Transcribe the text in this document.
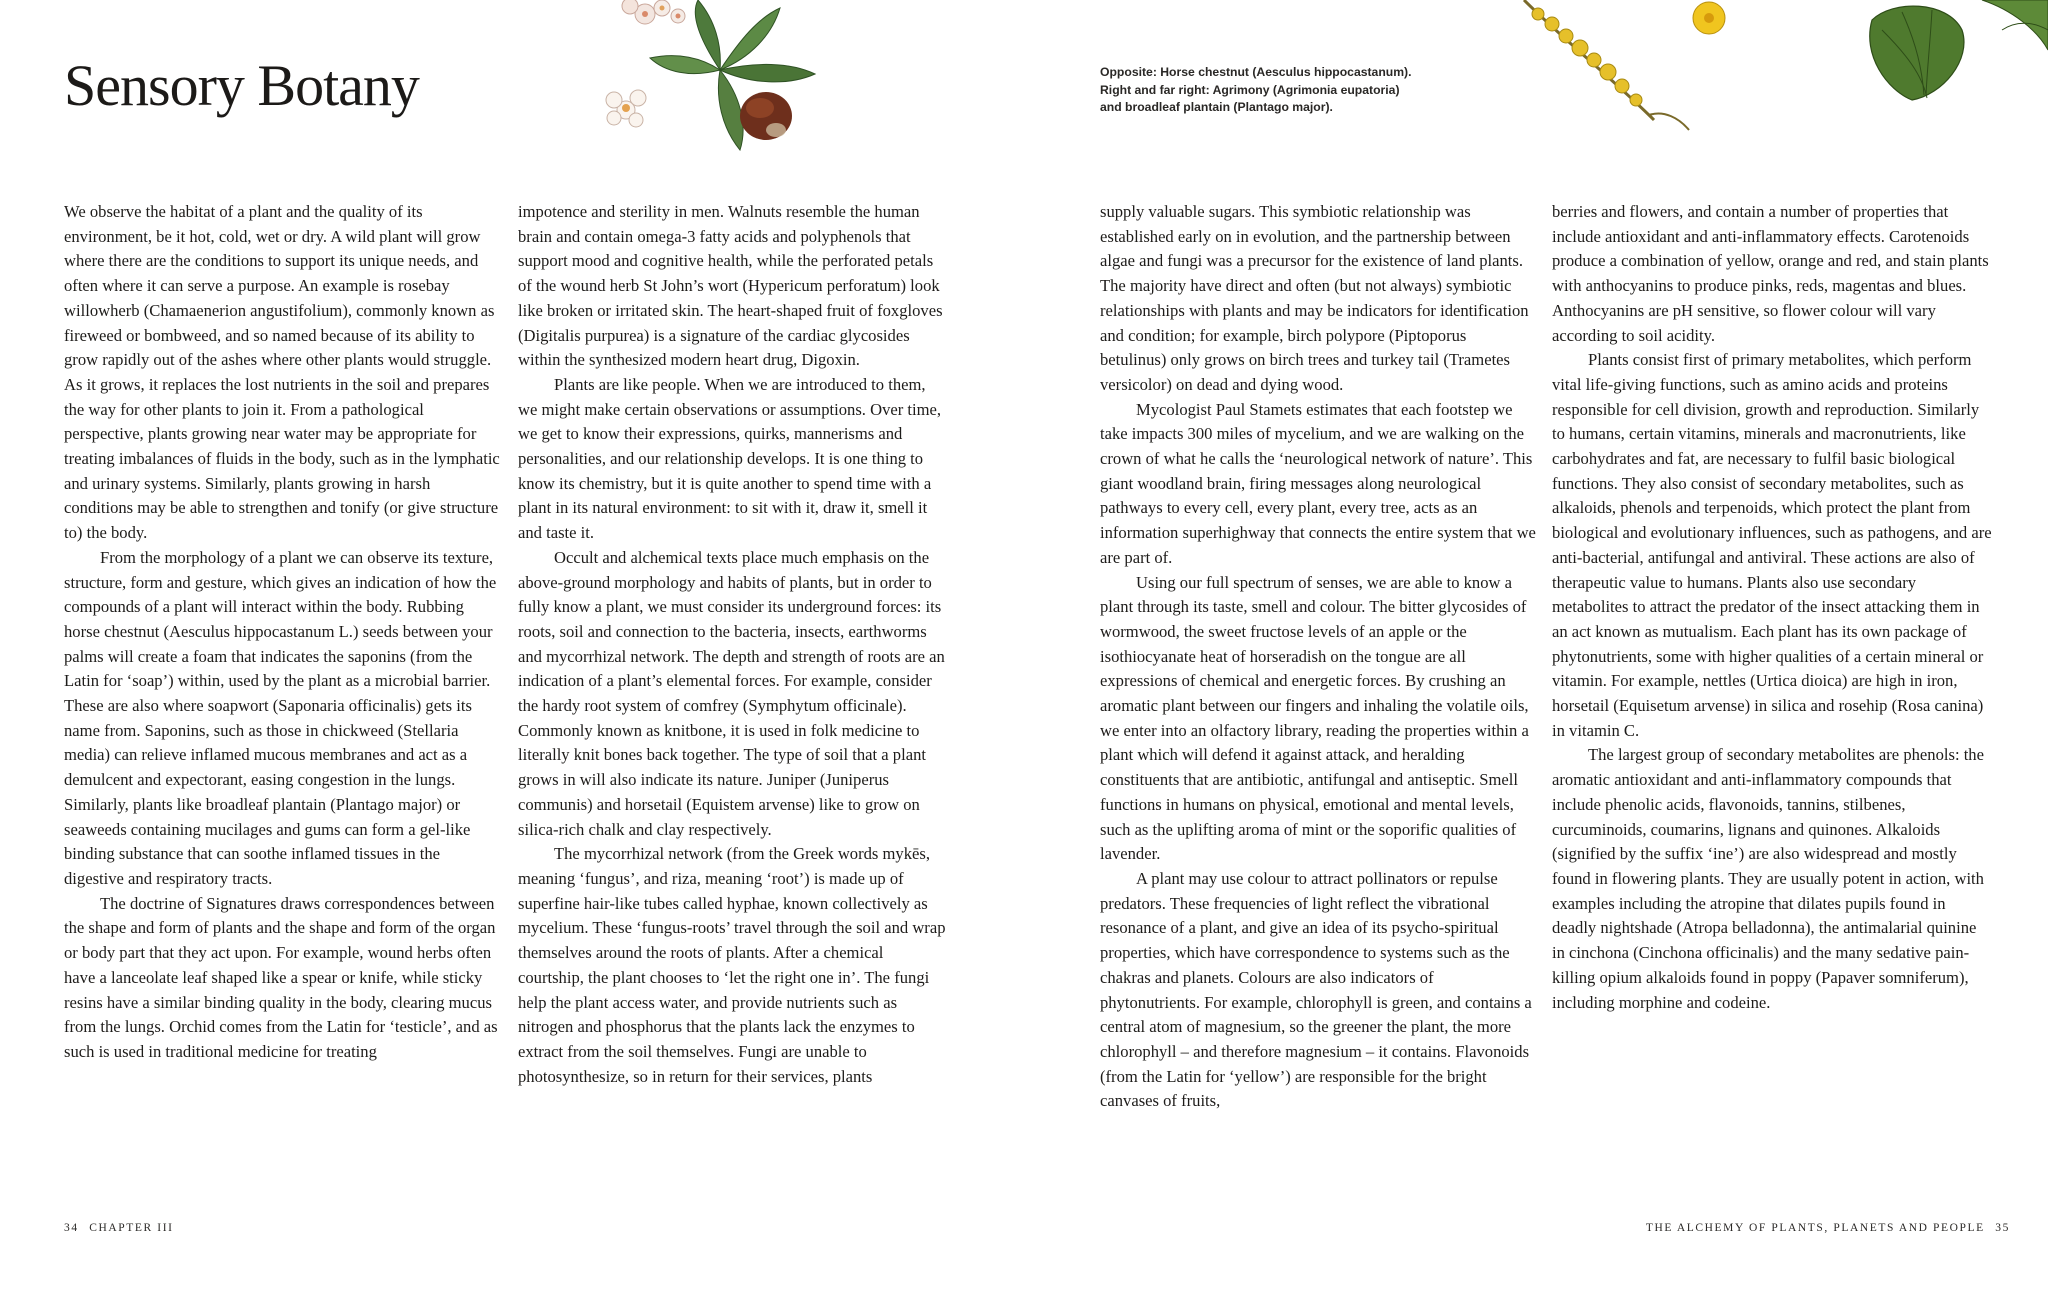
Sensory Botany

We observe the habitat of a plant and the quality of its environment, be it hot, cold, wet or dry. A wild plant will grow where there are the conditions to support its unique needs, and often where it can serve a purpose. An example is rosebay willowherb (Chamaenerion angustifolium), commonly known as fireweed or bombweed, and so named because of its ability to grow rapidly out of the ashes where other plants would struggle. As it grows, it replaces the lost nutrients in the soil and prepares the way for other plants to join it. From a pathological perspective, plants growing near water may be appropriate for treating imbalances of fluids in the body, such as in the lymphatic and urinary systems. Similarly, plants growing in harsh conditions may be able to strengthen and tonify (or give structure to) the body.

From the morphology of a plant we can observe its texture, structure, form and gesture, which gives an indication of how the compounds of a plant will interact within the body. Rubbing horse chestnut (Aesculus hippocastanum L.) seeds between your palms will create a foam that indicates the saponins (from the Latin for ‘soap’) within, used by the plant as a microbial barrier. These are also where soapwort (Saponaria officinalis) gets its name from. Saponins, such as those in chickweed (Stellaria media) can relieve inflamed mucous membranes and act as a demulcent and expectorant, easing congestion in the lungs. Similarly, plants like broadleaf plantain (Plantago major) or seaweeds containing mucilages and gums can form a gel-like binding substance that can soothe inflamed tissues in the digestive and respiratory tracts.

The doctrine of Signatures draws correspondences between the shape and form of plants and the shape and form of the organ or body part that they act upon. For example, wound herbs often have a lanceolate leaf shaped like a spear or knife, while sticky resins have a similar binding quality in the body, clearing mucus from the lungs. Orchid comes from the Latin for ‘testicle’, and as such is used in traditional medicine for treating

impotence and sterility in men. Walnuts resemble the human brain and contain omega-3 fatty acids and polyphenols that support mood and cognitive health, while the perforated petals of the wound herb St John’s wort (Hypericum perforatum) look like broken or irritated skin. The heart-shaped fruit of foxgloves (Digitalis purpurea) is a signature of the cardiac glycosides within the synthesized modern heart drug, Digoxin.

Plants are like people. When we are introduced to them, we might make certain observations or assumptions. Over time, we get to know their expressions, quirks, mannerisms and personalities, and our relationship develops. It is one thing to know its chemistry, but it is quite another to spend time with a plant in its natural environment: to sit with it, draw it, smell it and taste it.

Occult and alchemical texts place much emphasis on the above-ground morphology and habits of plants, but in order to fully know a plant, we must consider its underground forces: its roots, soil and connection to the bacteria, insects, earthworms and mycorrhizal network. The depth and strength of roots are an indication of a plant’s elemental forces. For example, consider the hardy root system of comfrey (Symphytum officinale). Commonly known as knitbone, it is used in folk medicine to literally knit bones back together. The type of soil that a plant grows in will also indicate its nature. Juniper (Juniperus communis) and horsetail (Equistem arvense) like to grow on silica-rich chalk and clay respectively.

The mycorrhizal network (from the Greek words mykēs, meaning ‘fungus’, and riza, meaning ‘root’) is made up of superfine hair-like tubes called hyphae, known collectively as mycelium. These ‘fungus-roots’ travel through the soil and wrap themselves around the roots of plants. After a chemical courtship, the plant chooses to ‘let the right one in’. The fungi help the plant access water, and provide nutrients such as nitrogen and phosphorus that the plants lack the enzymes to extract from the soil themselves. Fungi are unable to photosynthesize, so in return for their services, plants

34 CHAPTER III
Opposite: Horse chestnut (Aesculus hippocastanum).
Right and far right: Agrimony (Agrimonia eupatoria)
and broadleaf plantain (Plantago major).

supply valuable sugars. This symbiotic relationship was established early on in evolution, and the partnership between algae and fungi was a precursor for the existence of land plants. The majority have direct and often (but not always) symbiotic relationships with plants and may be indicators for identification and condition; for example, birch polypore (Piptoporus betulinus) only grows on birch trees and turkey tail (Trametes versicolor) on dead and dying wood.

Mycologist Paul Stamets estimates that each footstep we take impacts 300 miles of mycelium, and we are walking on the crown of what he calls the ‘neurological network of nature’. This giant woodland brain, firing messages along neurological pathways to every cell, every plant, every tree, acts as an information superhighway that connects the entire system that we are part of.

Using our full spectrum of senses, we are able to know a plant through its taste, smell and colour. The bitter glycosides of wormwood, the sweet fructose levels of an apple or the isothiocyanate heat of horseradish on the tongue are all expressions of chemical and energetic forces. By crushing an aromatic plant between our fingers and inhaling the volatile oils, we enter into an olfactory library, reading the properties within a plant which will defend it against attack, and heralding constituents that are antibiotic, antifungal and antiseptic. Smell functions in humans on physical, emotional and mental levels, such as the uplifting aroma of mint or the soporific qualities of lavender.

A plant may use colour to attract pollinators or repulse predators. These frequencies of light reflect the vibrational resonance of a plant, and give an idea of its psycho-spiritual properties, which have correspondence to systems such as the chakras and planets. Colours are also indicators of phytonutrients. For example, chlorophyll is green, and contains a central atom of magnesium, so the greener the plant, the more chlorophyll – and therefore magnesium – it contains. Flavonoids (from the Latin for ‘yellow’) are responsible for the bright canvases of fruits,

berries and flowers, and contain a number of properties that include antioxidant and anti-inflammatory effects. Carotenoids produce a combination of yellow, orange and red, and stain plants with anthocyanins to produce pinks, reds, magentas and blues. Anthocyanins are pH sensitive, so flower colour will vary according to soil acidity.

Plants consist first of primary metabolites, which perform vital life-giving functions, such as amino acids and proteins responsible for cell division, growth and reproduction. Similarly to humans, certain vitamins, minerals and macronutrients, like carbohydrates and fat, are necessary to fulfil basic biological functions. They also consist of secondary metabolites, such as alkaloids, phenols and terpenoids, which protect the plant from biological and evolutionary influences, such as pathogens, and are anti-bacterial, antifungal and antiviral. These actions are also of therapeutic value to humans. Plants also use secondary metabolites to attract the predator of the insect attacking them in an act known as mutualism. Each plant has its own package of phytonutrients, some with higher qualities of a certain mineral or vitamin. For example, nettles (Urtica dioica) are high in iron, horsetail (Equisetum arvense) in silica and rosehip (Rosa canina) in vitamin C.

The largest group of secondary metabolites are phenols: the aromatic antioxidant and anti-inflammatory compounds that include phenolic acids, flavonoids, tannins, stilbenes, curcuminoids, coumarins, lignans and quinones. Alkaloids (signified by the suffix ‘ine’) are also widespread and mostly found in flowering plants. They are usually potent in action, with examples including the atropine that dilates pupils found in deadly nightshade (Atropa belladonna), the antimalarial quinine in cinchona (Cinchona officinalis) and the many sedative pain-killing opium alkaloids found in poppy (Papaver somniferum), including morphine and codeine.

THE ALCHEMY OF PLANTS, PLANETS AND PEOPLE 35
